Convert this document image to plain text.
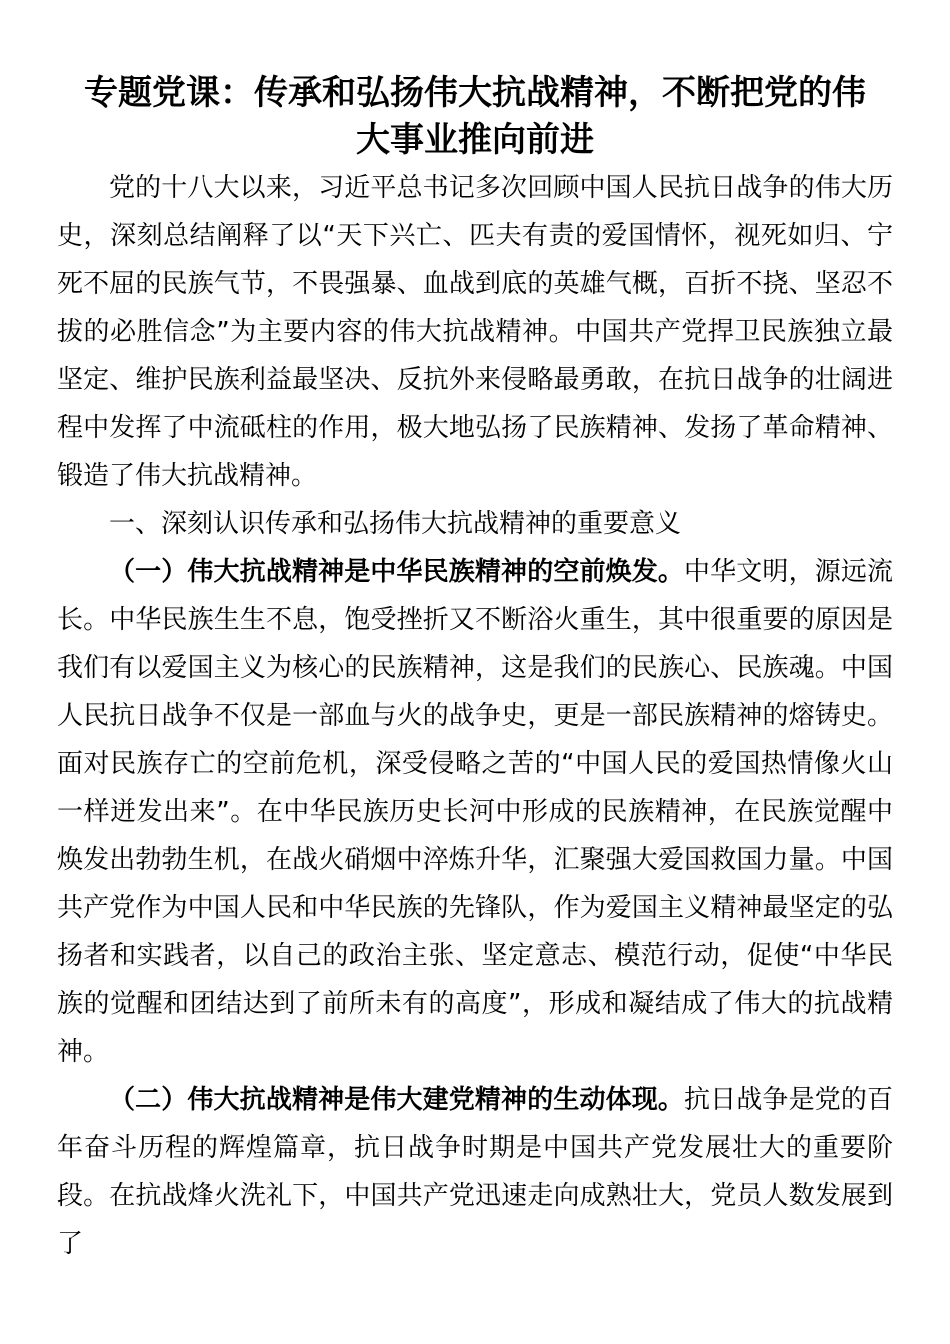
专题党课：传承和弘扬伟大抗战精神，不断把党的伟大事业推向前进

党的十八大以来，习近平总书记多次回顾中国人民抗日战争的伟大历史，深刻总结阐释了以“天下兴亡、匹夫有责的爱国情怀，视死如归、宁死不屈的民族气节，不畏强暴、血战到底的英雄气概，百折不挠、坚忍不拔的必胜信念”为主要内容的伟大抗战精神。中国共产党捍卫民族独立最坚定、维护民族利益最坚决、反抗外来侵略最勇敢，在抗日战争的壮阔进程中发挥了中流砥柱的作用，极大地弘扬了民族精神、发扬了革命精神、锻造了伟大抗战精神。

一、深刻认识传承和弘扬伟大抗战精神的重要意义

（一）伟大抗战精神是中华民族精神的空前焕发。中华文明，源远流长。中华民族生生不息，饱受挫折又不断浴火重生，其中很重要的原因是我们有以爱国主义为核心的民族精神，这是我们的民族心、民族魂。中国人民抗日战争不仅是一部血与火的战争史，更是一部民族精神的熔铸史。面对民族存亡的空前危机，深受侵略之苦的“中国人民的爱国热情像火山一样迸发出来”。在中华民族历史长河中形成的民族精神，在民族觉醒中焕发出勃勃生机，在战火硝烟中淬炼升华，汇聚强大爱国救国力量。中国共产党作为中国人民和中华民族的先锋队，作为爱国主义精神最坚定的弘扬者和实践者，以自己的政治主张、坚定意志、模范行动，促使“中华民族的觉醒和团结达到了前所未有的高度”，形成和凝结成了伟大的抗战精神。

（二）伟大抗战精神是伟大建党精神的生动体现。抗日战争是党的百年奋斗历程的辉煌篇章，抗日战争时期是中国共产党发展壮大的重要阶段。在抗战烽火洗礼下，中国共产党迅速走向成熟壮大，党员人数发展到了
